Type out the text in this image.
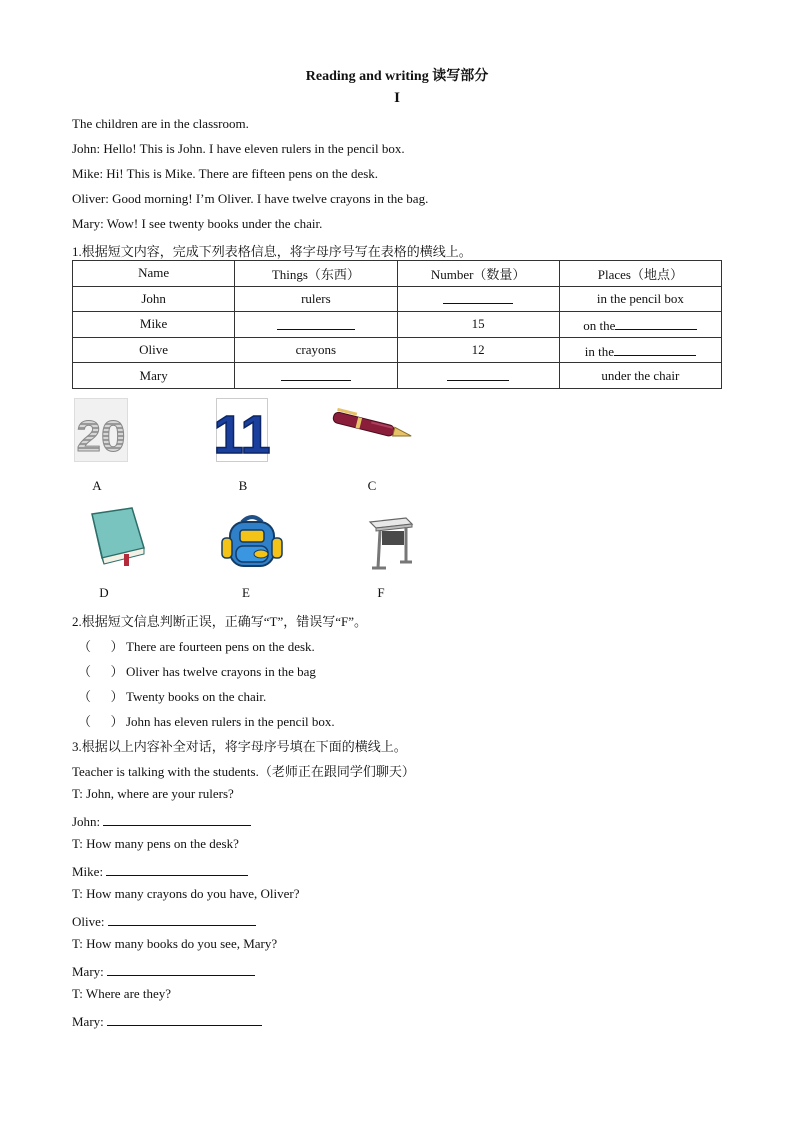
Reading and writing 读写部分
I
The children are in the classroom.
John: Hello! This is John. I have eleven rulers in the pencil box.
Mike: Hi! This is Mike. There are fifteen pens on the desk.
Oliver: Good morning! I’m Oliver. I have twelve crayons in the bag.
Mary: Wow! I see twenty books under the chair.
1.根据短文内容，完成下列表格信息，将字母序号写在表格的横线上。
Name	Things（东西）	Number（数量）	Places（地点）
John	rulers		in the pencil box
Mike		15	on the
Olive	crayons	12	in the
Mary			under the chair
20
A
11
B	C
D	E	F
2.根据短文信息判断正误，正确写“T”，错误写“F”。
（      ） There are fourteen pens on the desk.
（      ） Oliver has twelve crayons in the bag
（      ） Twenty books on the chair.
（      ） John has eleven rulers in the pencil box.
3.根据以上内容补全对话，将字母序号填在下面的横线上。
Teacher is talking with the students.（老师正在跟同学们聊天）
T: John, where are your rulers?
John:
T: How many pens on the desk?
Mike:
T: How many crayons do you have, Oliver?
Olive:
T: How many books do you see, Mary?
Mary:
T: Where are they?
Mary:
